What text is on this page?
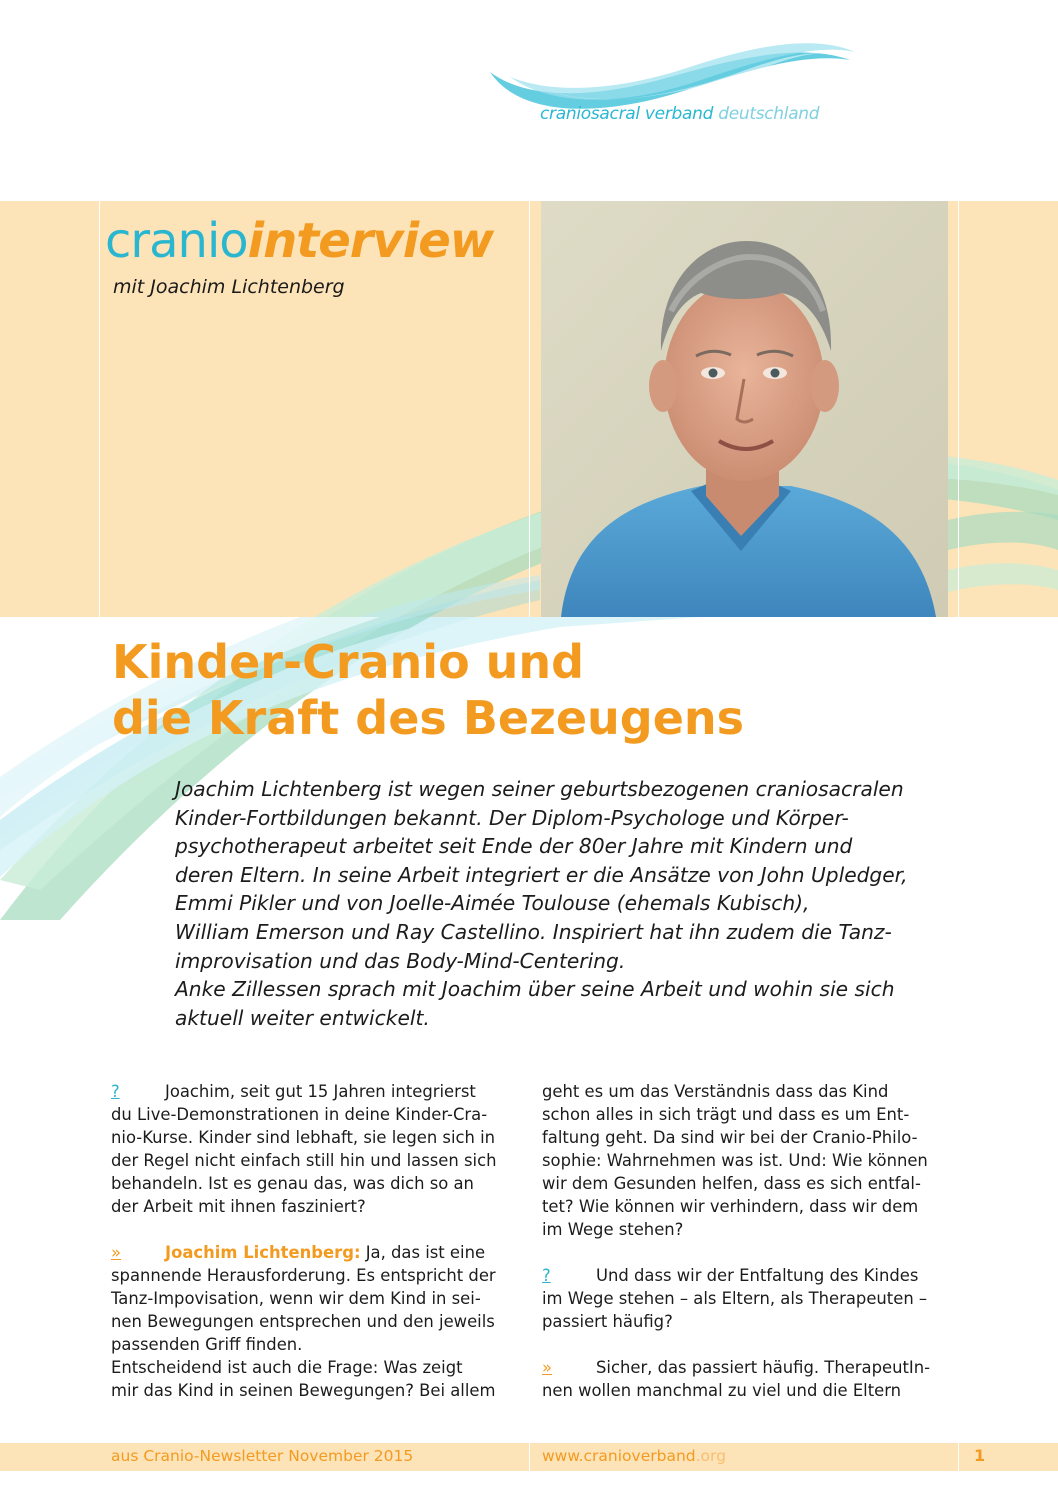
craniosacral verband deutschland
craniointerview
mit Joachim Lichtenberg
Kinder-Cranio und
die Kraft des Bezeugens
Joachim Lichtenberg ist wegen seiner geburtsbezogenen craniosacralen
Kinder-Fortbildungen bekannt. Der Diplom-Psychologe und Körper-
psychotherapeut arbeitet seit Ende der 80er Jahre mit Kindern und
deren Eltern. In seine Arbeit integriert er die Ansätze von John Upledger,
Emmi Pikler und von Joelle-Aimée Toulouse (ehemals Kubisch),
William Emerson und Ray Castellino. Inspiriert hat ihn zudem die Tanz-
improvisation und das Body-Mind-Centering.
Anke Zillessen sprach mit Joachim über seine Arbeit und wohin sie sich
aktuell weiter entwickelt.
?	Joachim, seit gut 15 Jahren integrierst
du Live-Demonstrationen in deine Kinder-Cra-
nio-Kurse. Kinder sind lebhaft, sie legen sich in
der Regel nicht einfach still hin und lassen sich
behandeln. Ist es genau das, was dich so an
der Arbeit mit ihnen fasziniert?
»	Joachim Lichtenberg: Ja, das ist eine
spannende Herausforderung. Es entspricht der
Tanz-Impovisation, wenn wir dem Kind in sei-
nen Bewegungen entsprechen und den jeweils
passenden Griff finden.
Entscheidend ist auch die Frage: Was zeigt
mir das Kind in seinen Bewegungen? Bei allem
geht es um das Verständnis dass das Kind
schon alles in sich trägt und dass es um Ent-
faltung geht. Da sind wir bei der Cranio-Philo-
sophie: Wahrnehmen was ist. Und: Wie können
wir dem Gesunden helfen, dass es sich entfal-
tet? Wie können wir verhindern, dass wir dem
im Wege stehen?
?	Und dass wir der Entfaltung des Kindes
im Wege stehen – als Eltern, als Therapeuten –
passiert häufig?
»	Sicher, das passiert häufig. TherapeutIn-
nen wollen manchmal zu viel und die Eltern
aus Cranio-Newsletter November 2015	www.cranioverband.org	1
